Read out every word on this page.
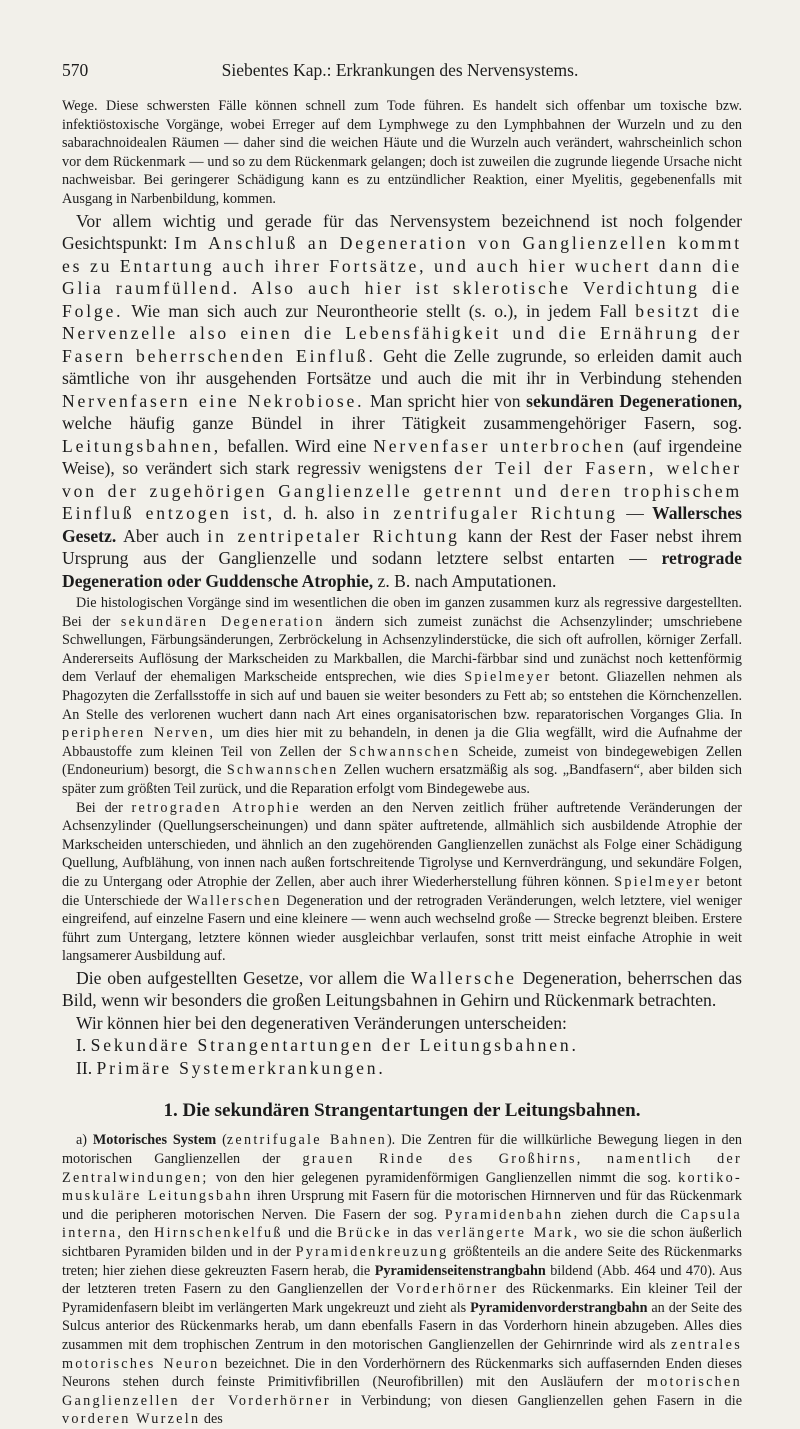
570	Siebentes Kap.: Erkrankungen des Nervensystems.

Wege. Diese schwersten Fälle können schnell zum Tode führen. Es handelt sich offenbar um toxische bzw. infektiöstoxische Vorgänge, wobei Erreger auf dem Lymphwege zu den Lymphbahnen der Wurzeln und zu den sabarachnoidealen Räumen — daher sind die weichen Häute und die Wurzeln auch verändert, wahrscheinlich schon vor dem Rückenmark — und so zu dem Rückenmark gelangen; doch ist zuweilen die zugrunde liegende Ursache nicht nachweisbar. Bei geringerer Schädigung kann es zu entzündlicher Reaktion, einer Myelitis, gegebenenfalls mit Ausgang in Narbenbildung, kommen.

Vor allem wichtig und gerade für das Nervensystem bezeichnend ist noch folgender Gesichtspunkt: Im Anschluß an Degeneration von Ganglienzellen kommt es zu Entartung auch ihrer Fortsätze, und auch hier wuchert dann die Glia raumfüllend. Also auch hier ist sklerotische Verdichtung die Folge. Wie man sich auch zur Neurontheorie stellt (s. o.), in jedem Fall besitzt die Nervenzelle also einen die Lebensfähigkeit und die Ernährung der Fasern beherrschenden Einfluß. Geht die Zelle zugrunde, so erleiden damit auch sämtliche von ihr ausgehenden Fortsätze und auch die mit ihr in Verbindung stehenden Nervenfasern eine Nekrobiose. Man spricht hier von sekundären Degenerationen, welche häufig ganze Bündel in ihrer Tätigkeit zusammengehöriger Fasern, sog. Leitungsbahnen, befallen. Wird eine Nervenfaser unterbrochen (auf irgendeine Weise), so verändert sich stark regressiv wenigstens der Teil der Fasern, welcher von der zugehörigen Ganglienzelle getrennt und deren trophischem Einfluß entzogen ist, d. h. also in zentrifugaler Richtung — Wallersches Gesetz. Aber auch in zentripetaler Richtung kann der Rest der Faser nebst ihrem Ursprung aus der Ganglienzelle und sodann letztere selbst entarten — retrograde Degeneration oder Guddensche Atrophie, z. B. nach Amputationen.

Die histologischen Vorgänge sind im wesentlichen die oben im ganzen zusammen kurz als regressive dargestellten. Bei der sekundären Degeneration ändern sich zumeist zunächst die Achsenzylinder; umschriebene Schwellungen, Färbungsänderungen, Zerbröckelung in Achsenzylinderstücke, die sich oft aufrollen, körniger Zerfall. Andererseits Auflösung der Markscheiden zu Markballen, die Marchi-färbbar sind und zunächst noch kettenförmig dem Verlauf der ehemaligen Markscheide entsprechen, wie dies Spielmeyer betont. Gliazellen nehmen als Phagozyten die Zerfallsstoffe in sich auf und bauen sie weiter besonders zu Fett ab; so entstehen die Körnchenzellen. An Stelle des verlorenen wuchert dann nach Art eines organisatorischen bzw. reparatorischen Vorganges Glia. In peripheren Nerven, um dies hier mit zu behandeln, in denen ja die Glia wegfällt, wird die Aufnahme der Abbaustoffe zum kleinen Teil von Zellen der Schwannschen Scheide, zumeist von bindegewebigen Zellen (Endoneurium) besorgt, die Schwannschen Zellen wuchern ersatzmäßig als sog. „Bandfasern“, aber bilden sich später zum größten Teil zurück, und die Reparation erfolgt vom Bindegewebe aus.

Bei der retrograden Atrophie werden an den Nerven zeitlich früher auftretende Veränderungen der Achsenzylinder (Quellungserscheinungen) und dann später auftretende, allmählich sich ausbildende Atrophie der Markscheiden unterschieden, und ähnlich an den zugehörenden Ganglienzellen zunächst als Folge einer Schädigung Quellung, Aufblähung, von innen nach außen fortschreitende Tigrolyse und Kernverdrängung, und sekundäre Folgen, die zu Untergang oder Atrophie der Zellen, aber auch ihrer Wiederherstellung führen können. Spielmeyer betont die Unterschiede der Wallerschen Degeneration und der retrograden Veränderungen, welch letztere, viel weniger eingreifend, auf einzelne Fasern und eine kleinere — wenn auch wechselnd große — Strecke begrenzt bleiben. Erstere führt zum Untergang, letztere können wieder ausgleichbar verlaufen, sonst tritt meist einfache Atrophie in weit langsamerer Ausbildung auf.

Die oben aufgestellten Gesetze, vor allem die Wallersche Degeneration, beherrschen das Bild, wenn wir besonders die großen Leitungsbahnen in Gehirn und Rückenmark betrachten.

Wir können hier bei den degenerativen Veränderungen unterscheiden:

I. Sekundäre Strangentartungen der Leitungsbahnen.
II. Primäre Systemerkrankungen.
1. Die sekundären Strangentartungen der Leitungsbahnen.

a) Motorisches System (zentrifugale Bahnen). Die Zentren für die willkürliche Bewegung liegen in den motorischen Ganglienzellen der grauen Rinde des Großhirns, namentlich der Zentralwindungen; von den hier gelegenen pyramidenförmigen Ganglienzellen nimmt die sog. kortiko-muskuläre Leitungsbahn ihren Ursprung mit Fasern für die motorischen Hirnnerven und für das Rückenmark und die peripheren motorischen Nerven. Die Fasern der sog. Pyramidenbahn ziehen durch die Capsula interna, den Hirnschenkelfuß und die Brücke in das verlängerte Mark, wo sie die schon äußerlich sichtbaren Pyramiden bilden und in der Pyramidenkreuzung größtenteils an die andere Seite des Rückenmarks treten; hier ziehen diese gekreuzten Fasern herab, die Pyramidenseitenstrangbahn bildend (Abb. 464 und 470). Aus der letzteren treten Fasern zu den Ganglienzellen der Vorderhörner des Rückenmarks. Ein kleiner Teil der Pyramidenfasern bleibt im verlängerten Mark ungekreuzt und zieht als Pyramidenvorderstrangbahn an der Seite des Sulcus anterior des Rückenmarks herab, um dann ebenfalls Fasern in das Vorderhorn hinein abzugeben. Alles dies zusammen mit dem trophischen Zentrum in den motorischen Ganglienzellen der Gehirnrinde wird als zentrales motorisches Neuron bezeichnet. Die in den Vorderhörnern des Rückenmarks sich auffasernden Enden dieses Neurons stehen durch feinste Primitivfibrillen (Neurofibrillen) mit den Ausläufern der motorischen Ganglienzellen der Vorderhörner in Verbindung; von diesen Ganglienzellen gehen Fasern in die vorderen Wurzeln des
